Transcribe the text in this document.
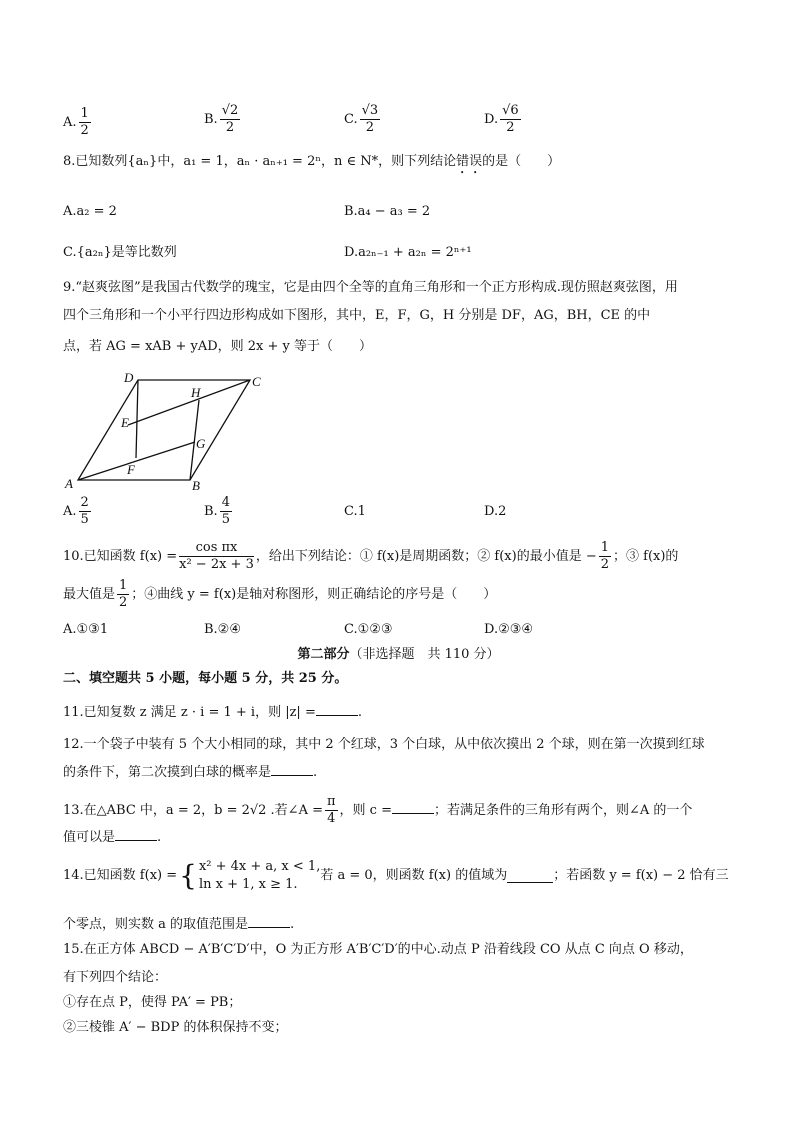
A. $\frac{1}{2}$	B. $\frac{√2}{2}$	C. $\frac{√3}{2}$	D. $\frac{√6}{2}$
8.已知数列{aₙ}中，a₁ = 1，aₙ · aₙ₊₁ = 2ⁿ，n ∈ N*，则下列结论错误的是（　　）
A.a₂ = 2	B.a₄ − a₃ = 2
C.{a₂ₙ}是等比数列	D.a₂ₙ₋₁ + a₂ₙ = 2ⁿ⁺¹
9.“赵爽弦图”是我国古代数学的瑰宝，它是由四个全等的直角三角形和一个正方形构成.现仿照赵爽弦图，用
四个三角形和一个小平行四边形构成如下图形，其中，E，F，G，H 分别是 DF，AG，BH，CE 的中
点，若 AG = xAB + yAD，则 2x + y 等于（　　）
A	B
C
D
E
F
G
H
A. $\frac{2}{5}$	B. $\frac{4}{5}$	C.1	D.2
10.已知函数 $f(x) = \frac{\text{cos πx}}{\text{x² − 2x + 3}}$ ，给出下列结论：① f(x)是周期函数；② f(x)的最小值是 − $\frac{1}{2}$ ；③ f(x)的
最大值是 $\frac{1}{2}$ ；④曲线 y = f(x)是轴对称图形，则正确结论的序号是（　　）
A.①③1	B.②④	C.①②③	D.②③④
第二部分（非选择题　共 110 分）
二、填空题共 5 小题，每小题 5 分，共 25 分。
11.已知复数 z 满足 z · i = 1 + i，则 |z| =	.
12.一个袋子中装有 5 个大小相同的球，其中 2 个红球，3 个白球，从中依次摸出 2 个球，则在第一次摸到红球
的条件下，第二次摸到白球的概率是	.
13.在△ABC 中，a = 2，b = 2√2 .若∠A = $\frac{\pi}{4}$ ，则 c =	；若满足条件的三角形有两个，则∠A 的一个
值可以是	.
14.已知函数 f(x) ={ x² + 4x + a, x < 1,
ln x + 1, x ≥ 1.
若 a = 0，则函数 f(x) 的值域为	；若函数 y = f(x) − 2 恰有三
个零点，则实数 a 的取值范围是	.
15.在正方体 ABCD − A′B′C′D′中，O 为正方形 A′B′C′D′的中心.动点 P 沿着线段 CO 从点 C 向点 O 移动，
有下列四个结论：
①存在点 P，使得 PA′ = PB；
②三棱锥 A′ − BDP 的体积保持不变；
